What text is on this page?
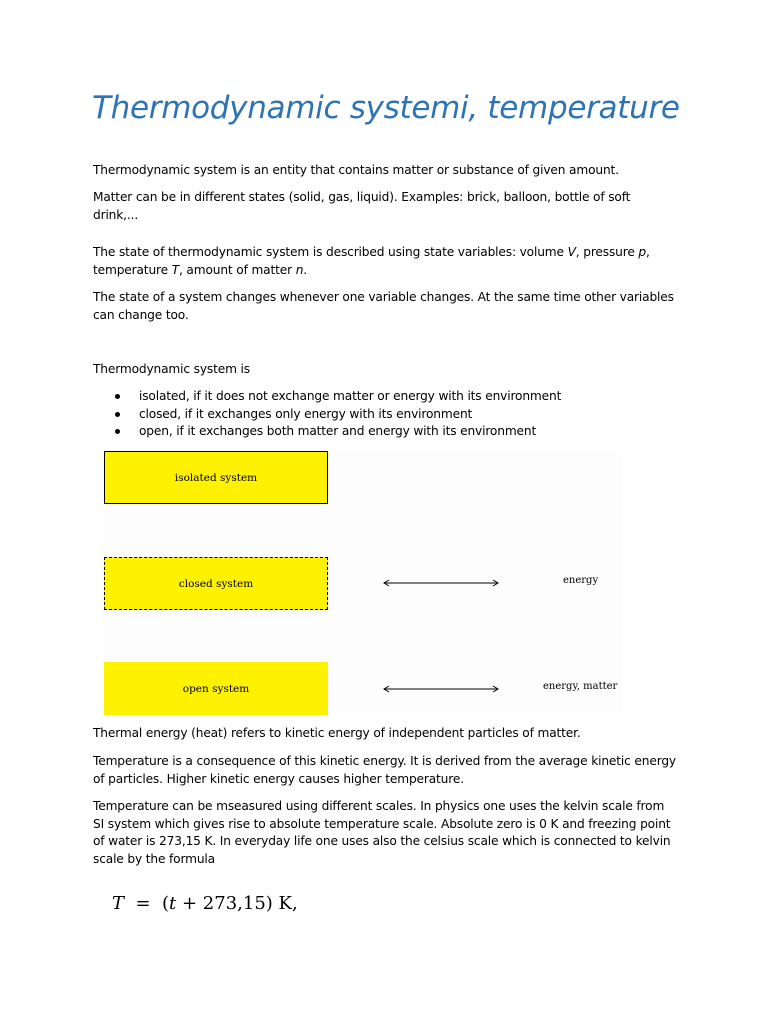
Thermodynamic systemi, temperature

Thermodynamic system is an entity that contains matter or substance of given amount.

Matter can be in different states (solid, gas, liquid). Examples: brick, balloon, bottle of soft drink,...

The state of thermodynamic system is described using state variables: volume V, pressure p, temperature T, amount of matter n.

The state of a system changes whenever one variable changes. At the same time other variables can change too.

Thermodynamic system is

isolated, if it does not exchange matter or energy with its environment
closed, if it exchanges only energy with its environment
open, if it exchanges both matter and energy with its environment
isolated system
closed system	energy
open system	energy, matter

Thermal energy (heat) refers to kinetic energy of independent particles of matter.

Temperature is a consequence of this kinetic energy. It is derived from the average kinetic energy of particles. Higher kinetic energy causes higher temperature.

Temperature can be mseasured using different scales. In physics one uses the kelvin scale from SI system which gives rise to absolute temperature scale. Absolute zero is 0 K and freezing point of water is 273,15 K. In everyday life one uses also the celsius scale which is connected to kelvin scale by the formula

T = (t + 273,15) K,
